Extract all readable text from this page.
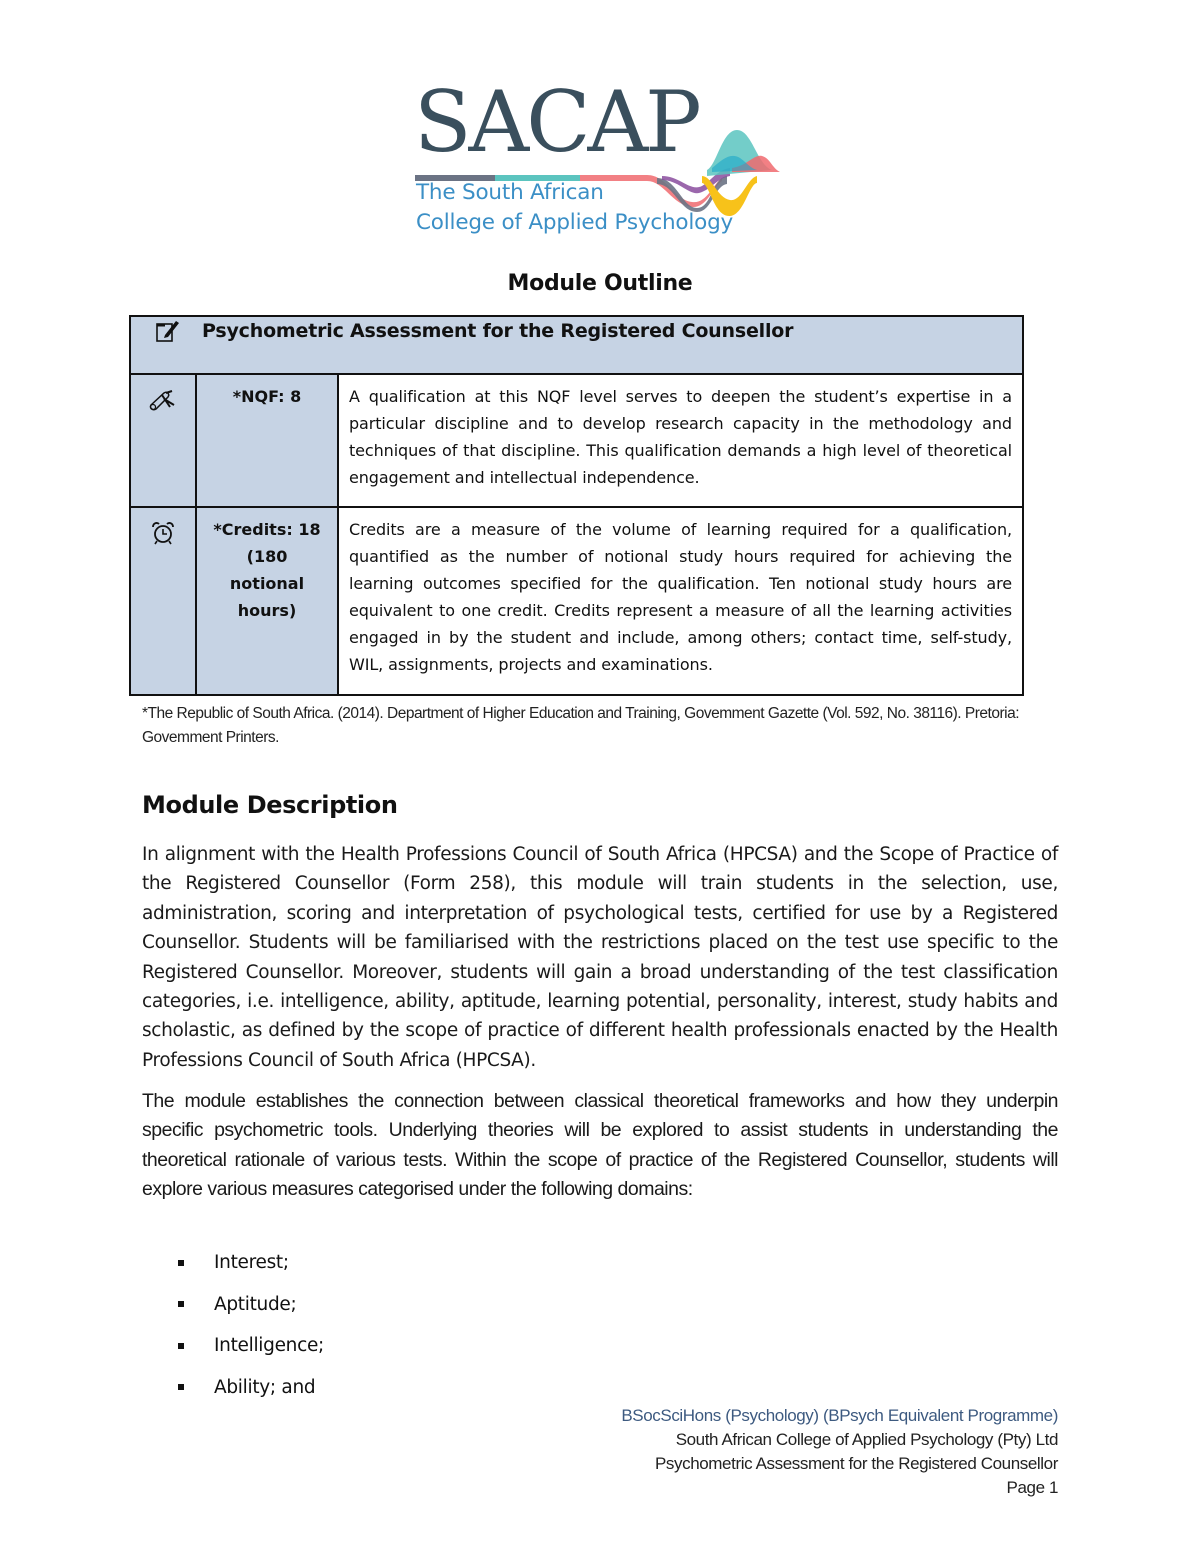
SACAP
The South African
College of Applied Psychology
Module Outline
Psychometric Assessment for the Registered Counsellor		

	*NQF: 8	A qualification at this NQF level serves to deepen the student’s expertise in a particular discipline and to develop research capacity in the methodology and techniques of that discipline. This qualification demands a high level of theoretical engagement and intellectual independence.

*Credits: 18
(180
notional
hours)
	Credits are a measure of the volume of learning required for a qualification, quantified as the number of notional study hours required for achieving the learning outcomes specified for the qualification. Ten notional study hours are equivalent to one credit. Credits represent a measure of all the learning activities engaged in by the student and include, among others; contact time, self-study, WIL, assignments, projects and examinations.
*The Republic of South Africa. (2014). Department of Higher Education and Training, Govemment Gazette (Vol. 592, No. 38116). Pretoria: Govemment Printers.
Module Description
In alignment with the Health Professions Council of South Africa (HPCSA) and the Scope of Practice of the Registered Counsellor (Form 258), this module will train students in the selection, use, administration, scoring and interpretation of psychological tests, certified for use by a Registered Counsellor. Students will be familiarised with the restrictions placed on the test use specific to the Registered Counsellor. Moreover, students will gain a broad understanding of the test classification categories, i.e. intelligence, ability, aptitude, learning potential, personality, interest, study habits and scholastic, as defined by the scope of practice of different health professionals enacted by the Health Professions Council of South Africa (HPCSA).
The module establishes the connection between classical theoretical frameworks and how they underpin specific psychometric tools. Underlying theories will be explored to assist students in understanding the theoretical rationale of various tests. Within the scope of practice of the Registered Counsellor, students will explore various measures categorised under the following domains:
Interest;
Aptitude;
Intelligence;
Ability; and
BSocSciHons (Psychology) (BPsych Equivalent Programme)
South African College of Applied Psychology (Pty) Ltd
Psychometric Assessment for the Registered Counsellor
Page 1
